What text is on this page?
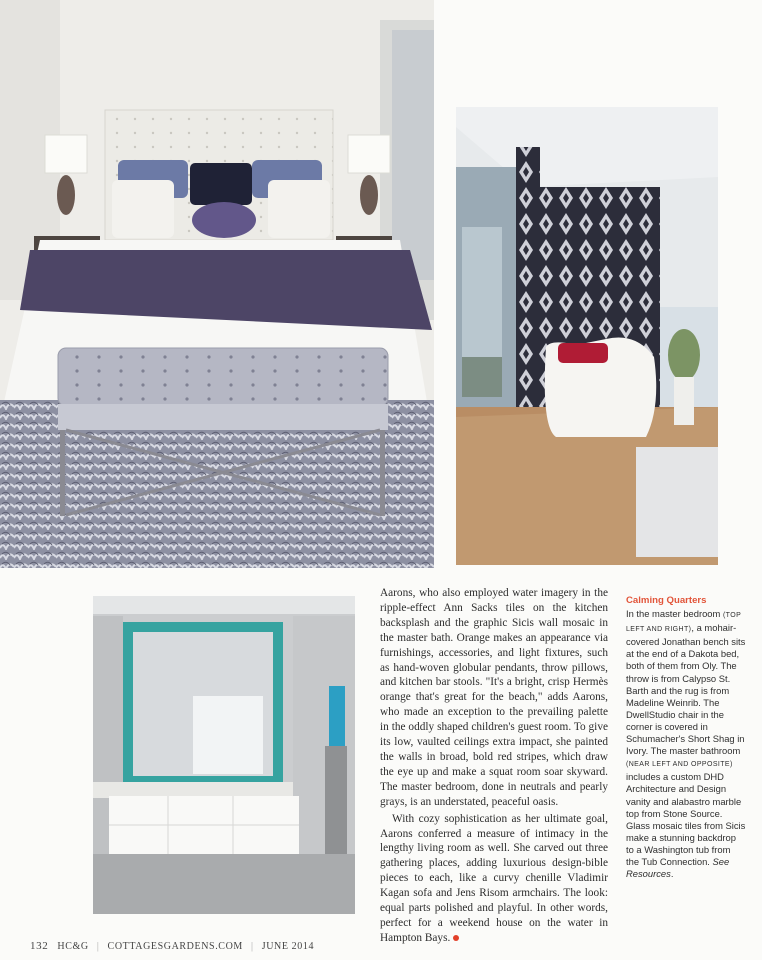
Aarons, who also employed water imagery in the ripple-effect Ann Sacks tiles on the kitchen backsplash and the graphic Sicis wall mosaic in the master bath. Orange makes an appearance via furnishings, accessories, and light fixtures, such as hand-woven globular pendants, throw pillows, and kitchen bar stools. "It's a bright, crisp Hermès orange that's great for the beach," adds Aarons, who made an exception to the prevailing palette in the oddly shaped children's guest room. To give its low, vaulted ceilings extra impact, she painted the walls in broad, bold red stripes, which draw the eye up and make a squat room soar skyward. The master bedroom, done in neutrals and pearly grays, is an understated, peaceful oasis.

With cozy sophistication as her ultimate goal, Aarons conferred a measure of intimacy in the lengthy living room as well. She carved out three gathering places, adding luxurious design-bible pieces to each, like a curvy chenille Vladimir Kagan sofa and Jens Risom armchairs. The look: equal parts polished and playful. In other words, perfect for a weekend house on the water in Hampton Bays.

Calming Quarters

In the master bedroom (TOP LEFT AND RIGHT), a mohair-covered Jonathan bench sits at the end of a Dakota bed, both of them from Oly. The throw is from Calypso St. Barth and the rug is from Madeline Weinrib. The DwellStudio chair in the corner is covered in Schumacher's Short Shag in Ivory. The master bathroom (NEAR LEFT AND OPPOSITE) includes a custom DHD Architecture and Design vanity and alabastro marble top from Stone Source. Glass mosaic tiles from Sicis make a stunning backdrop to a Washington tub from the Tub Connection. See Resources.

132 HC&G | COTTAGESGARDENS.COM | JUNE 2014
